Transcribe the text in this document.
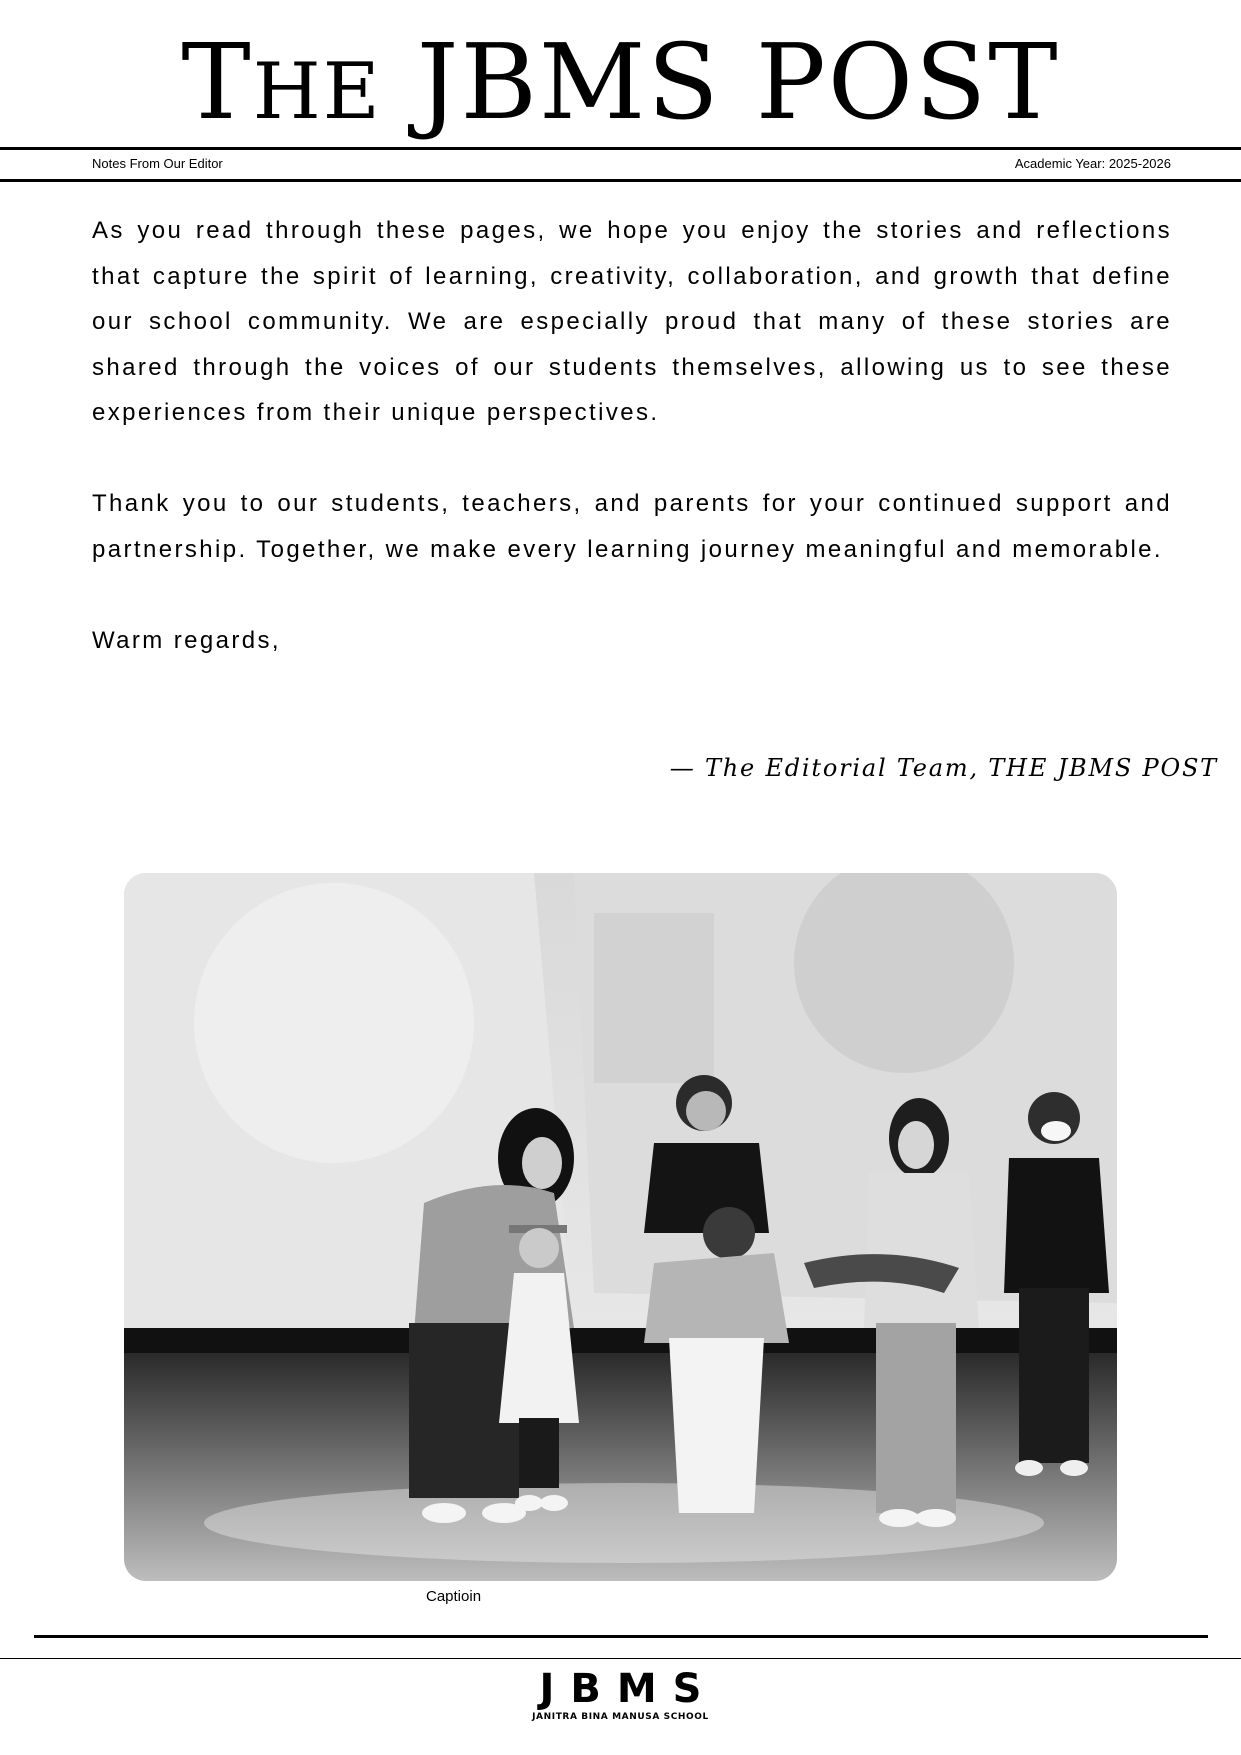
THE JBMS POST
Notes From Our Editor	Academic Year: 2025-2026

As you read through these pages, we hope you enjoy the stories and reflections that capture the spirit of learning, creativity, collaboration, and growth that define our school community. We are especially proud that many of these stories are shared through the voices of our students themselves, allowing us to see these experiences from their unique perspectives.

Thank you to our students, teachers, and parents for your continued support and partnership. Together, we make every learning journey meaningful and memorable.

Warm regards,

— The Editorial Team, THE JBMS POST
Captioin
JBMS
JANITRA BINA MANUSA SCHOOL
